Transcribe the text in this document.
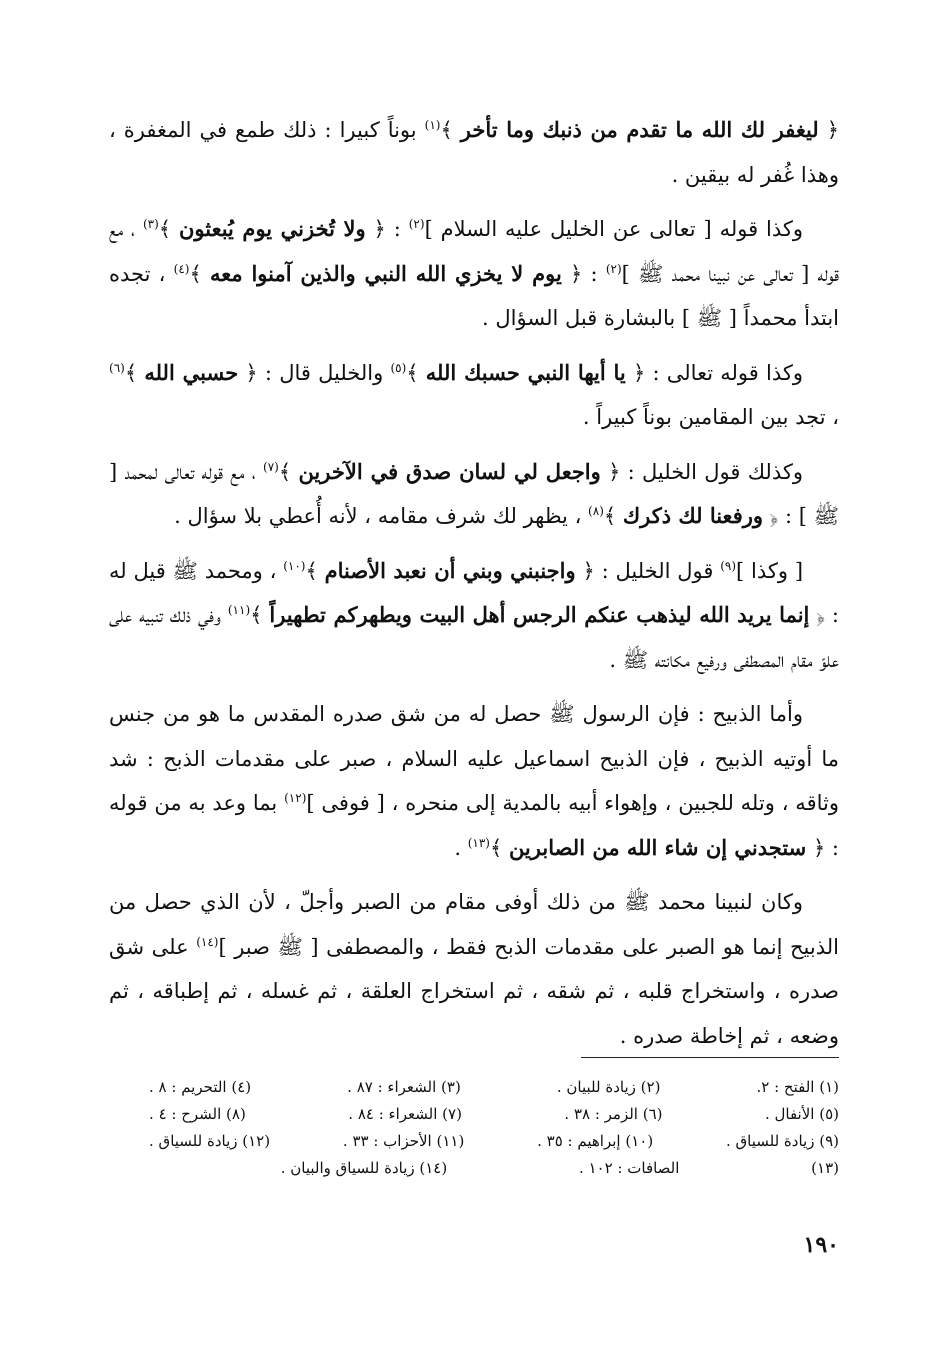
﴿ ليغفر لك الله ما تقدم من ذنبك وما تأخر ﴾$^{(١)}$ بوناً كبيرا : ذلك طمع في المغفرة ، وهذا غُفر له بيقين .

وكذا قوله [ تعالى عن الخليل عليه السلام ]$^{(٢)}$ : ﴿ ولا تُخزني يوم يُبعثون ﴾$^{(٣)}$ ، مع قوله [ تعالى عن نبينا محمد ﷺ ]$^{(٢)}$ : ﴿ يوم لا يخزي الله النبي والذين آمنوا معه ﴾$^{(٤)}$ ، تجده ابتدأ محمداً [ ﷺ ] بالبشارة قبل السؤال .

وكذا قوله تعالى : ﴿ يا أيها النبي حسبك الله ﴾$^{(٥)}$ والخليل قال : ﴿ حسبي الله ﴾$^{(٦)}$ ، تجد بين المقامين بوناً كبيراً .

وكذلك قول الخليل : ﴿ واجعل لي لسان صدق في الآخرين ﴾$^{(٧)}$ ، مع قوله تعالى لمحمد [ ﷺ ] : ﴿ ورفعنا لك ذكرك ﴾$^{(٨)}$ ، يظهر لك شرف مقامه ، لأنه أُعطي بلا سؤال .

[ وكذا ]$^{(٩)}$ قول الخليل : ﴿ واجنبني وبني أن نعبد الأصنام ﴾$^{(١٠)}$ ، ومحمد ﷺ قيل له : ﴿ إنما يريد الله ليذهب عنكم الرجس أهل البيت ويطهركم تطهيراً ﴾$^{(١١)}$ وفي ذلك تنبيه على علوّ مقام المصطفى ورفيع مكانته ﷺ .

وأما الذبيح : فإن الرسول ﷺ حصل له من شق صدره المقدس ما هو من جنس ما أوتيه الذبيح ، فإن الذبيح اسماعيل عليه السلام ، صبر على مقدمات الذبح : شد وثاقه ، وتله للجبين ، وإهواء أبيه بالمدية إلى منحره ، [ فوفى ]$^{(١٢)}$ بما وعد به من قوله : ﴿ ستجدني إن شاء الله من الصابرين ﴾$^{(١٣)}$ .

وكان لنبينا محمد ﷺ من ذلك أوفى مقام من الصبر وأجلّ ، لأن الذي حصل من الذبيح إنما هو الصبر على مقدمات الذبح فقط ، والمصطفى [ ﷺ صبر ]$^{(١٤)}$ على شق صدره ، واستخراج قلبه ، ثم شقه ، ثم استخراج العلقة ، ثم غسله ، ثم إطباقه ، ثم وضعه ، ثم إخاطة صدره .

(١) الفتح : ٢.
(٢) زيادة للبيان .
(٣) الشعراء : ٨٧ .
(٤) التحريم : ٨ .
(٥) الأنفال .
(٦) الزمر : ٣٨ .
(٧) الشعراء : ٨٤ .
(٨) الشرح : ٤ .
(٩) زيادة للسياق .
(١٠) إبراهيم : ٣٥ .
(١١) الأحزاب : ٣٣ .
(١٢) زيادة للسياق .
(١٣)
الصافات : ١٠٢ .
(١٤) زيادة للسياق والبيان .
١٩٠
